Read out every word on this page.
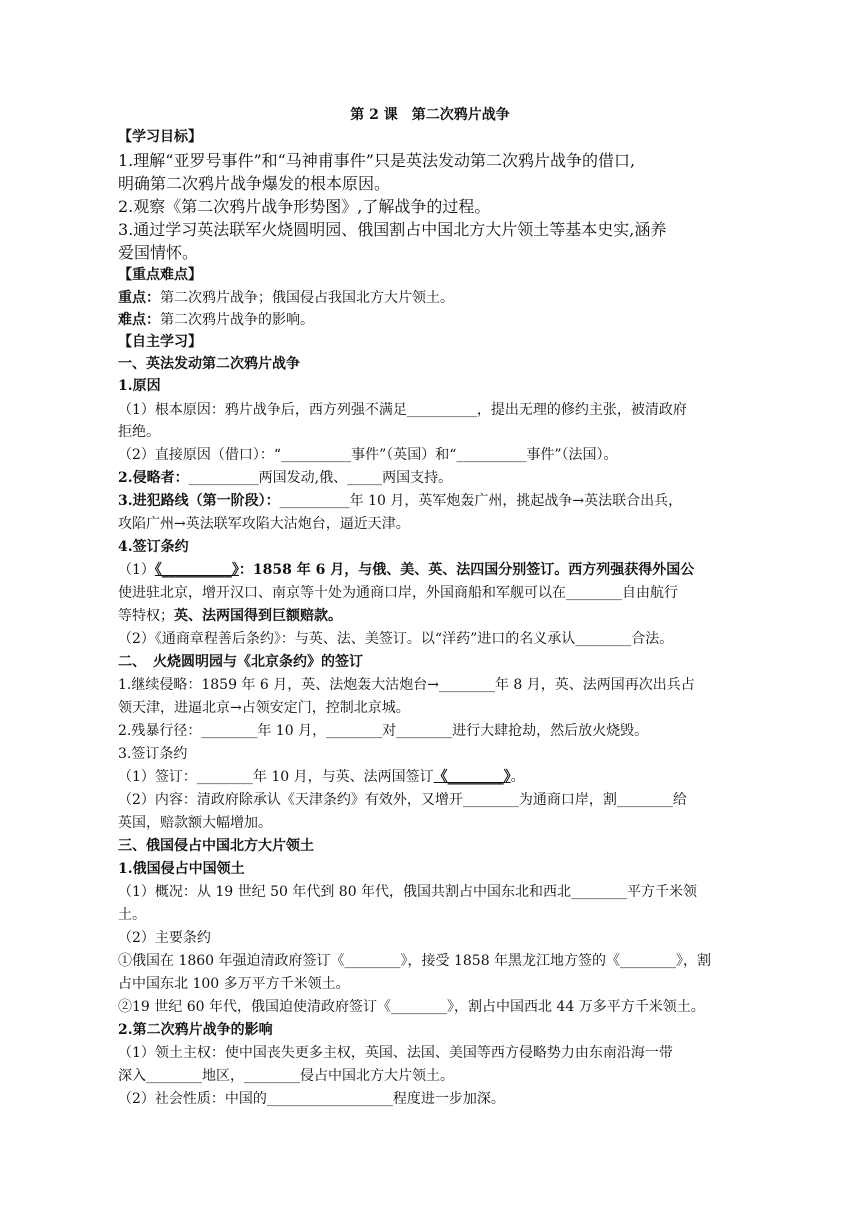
第 2 课　第二次鸦片战争
【学习目标】
1.理解“亚罗号事件”和“马神甫事件”只是英法发动第二次鸦片战争的借口,
明确第二次鸦片战争爆发的根本原因。
2.观察《第二次鸦片战争形势图》,了解战争的过程。
3.通过学习英法联军火烧圆明园、俄国割占中国北方大片领土等基本史实,涵养
爱国情怀。
【重点难点】
重点：第二次鸦片战争；俄国侵占我国北方大片领土。
难点：第二次鸦片战争的影响。
【自主学习】
一、英法发动第二次鸦片战争
1.原因
（1）根本原因：鸦片战争后，西方列强不满足__________，提出无理的修约主张，被清政府
拒绝。
（2）直接原因（借口）：“__________事件”（英国）和“__________事件”（法国）。
2.侵略者：__________两国发动,俄、_____两国支持。
3.进犯路线（第一阶段）：__________年 10 月，英军炮轰广州，挑起战争→英法联合出兵，
攻陷广州→英法联军攻陷大沽炮台，逼近天津。
4.签订条约
（1）《__________》：1858 年 6 月，与俄、美、英、法四国分别签订。西方列强获得外国公
使进驻北京，增开汉口、南京等十处为通商口岸，外国商船和军舰可以在________自由航行
等特权；英、法两国得到巨额赔款。
（2）《通商章程善后条约》：与英、法、美签订。以“洋药”进口的名义承认________合法。
二、　火烧圆明园与《北京条约》的签订
1.继续侵略：1859 年 6 月，英、法炮轰大沽炮台→________年 8 月，英、法两国再次出兵占
领天津，进逼北京→占领安定门，控制北京城。
2.残暴行径：________年 10 月，________对________进行大肆抢劫，然后放火烧毁。
3.签订条约
（1）签订：________年 10 月，与英、法两国签订《________》。
（2）内容：清政府除承认《天津条约》有效外，又增开________为通商口岸，割________给
英国，赔款额大幅增加。
三、俄国侵占中国北方大片领土
1.俄国侵占中国领土
（1）概况：从 19 世纪 50 年代到 80 年代，俄国共割占中国东北和西北________平方千米领
土。
（2）主要条约
①俄国在 1860 年强迫清政府签订《________》，接受 1858 年黑龙江地方签的《________》，割
占中国东北 100 多万平方千米领土。
②19 世纪 60 年代，俄国迫使清政府签订《________》，割占中国西北 44 万多平方千米领土。
2.第二次鸦片战争的影响
（1）领土主权：使中国丧失更多主权，英国、法国、美国等西方侵略势力由东南沿海一带
深入________地区，________侵占中国北方大片领土。
（2）社会性质：中国的__________________程度进一步加深。
